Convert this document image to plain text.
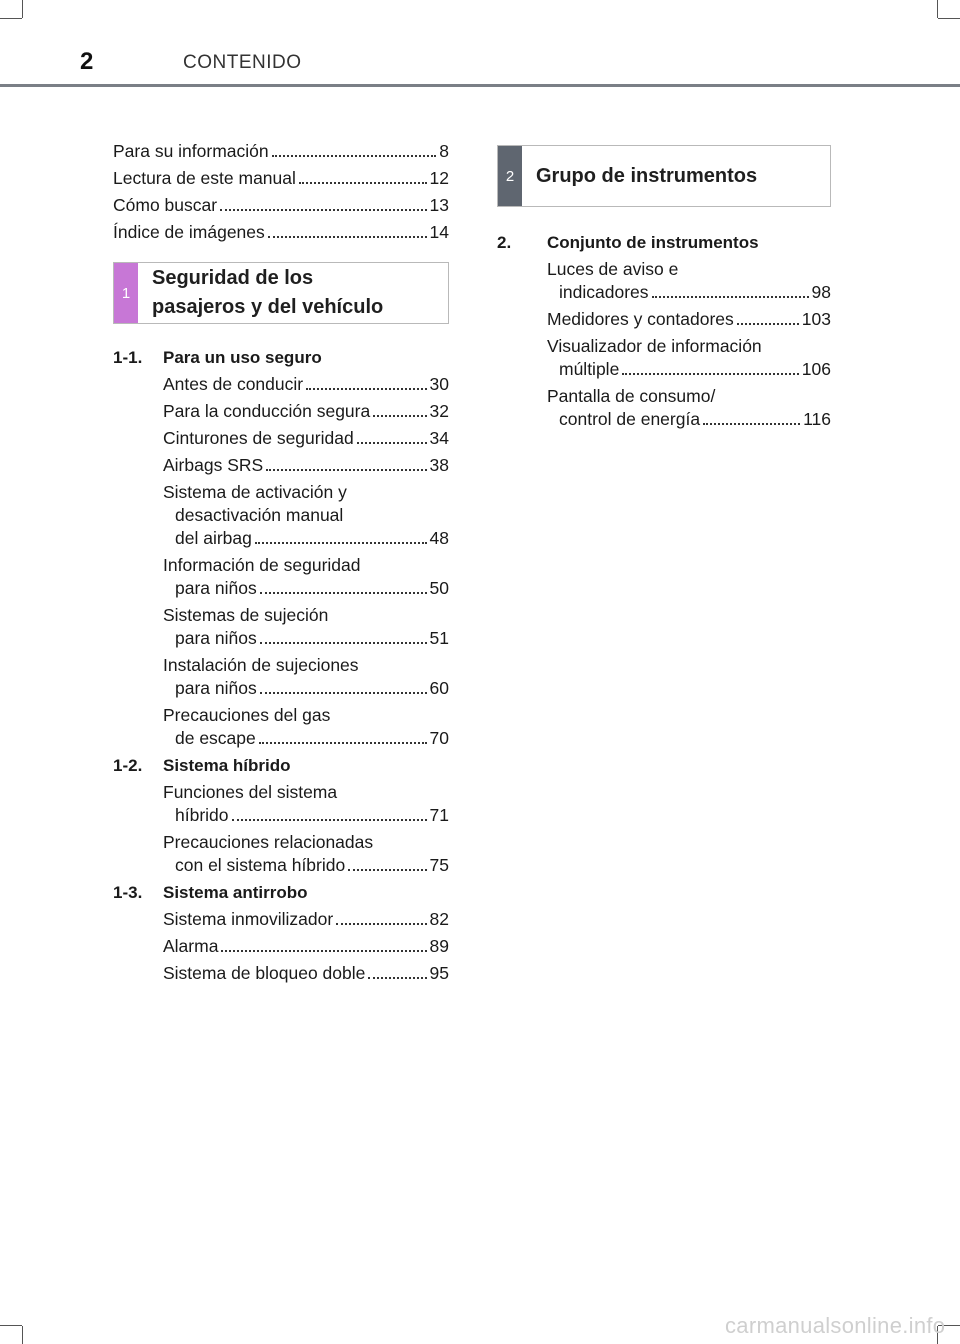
2	CONTENIDO
Para su información	8
Lectura de este manual	12
Cómo buscar	13
Índice de imágenes	14
1
Seguridad de los
pasajeros y del vehículo
1-1.	Para un uso seguro
Antes de conducir	30
Para la conducción segura	32
Cinturones de seguridad	34
Airbags SRS	38
Sistema de activación y
desactivación manual
del airbag	48
Información de seguridad
para niños	50
Sistemas de sujeción
para niños	51
Instalación de sujeciones
para niños	60
Precauciones del gas
de escape	70
1-2.	Sistema híbrido
Funciones del sistema
híbrido	71
Precauciones relacionadas
con el sistema híbrido	75
1-3.	Sistema antirrobo
Sistema inmovilizador	82
Alarma	89
Sistema de bloqueo doble	95
2	Grupo de instrumentos
2.	Conjunto de instrumentos
Luces de aviso e
indicadores	98
Medidores y contadores	103
Visualizador de información
múltiple	106
Pantalla de consumo/
control de energía	116
carmanualsonline.info
